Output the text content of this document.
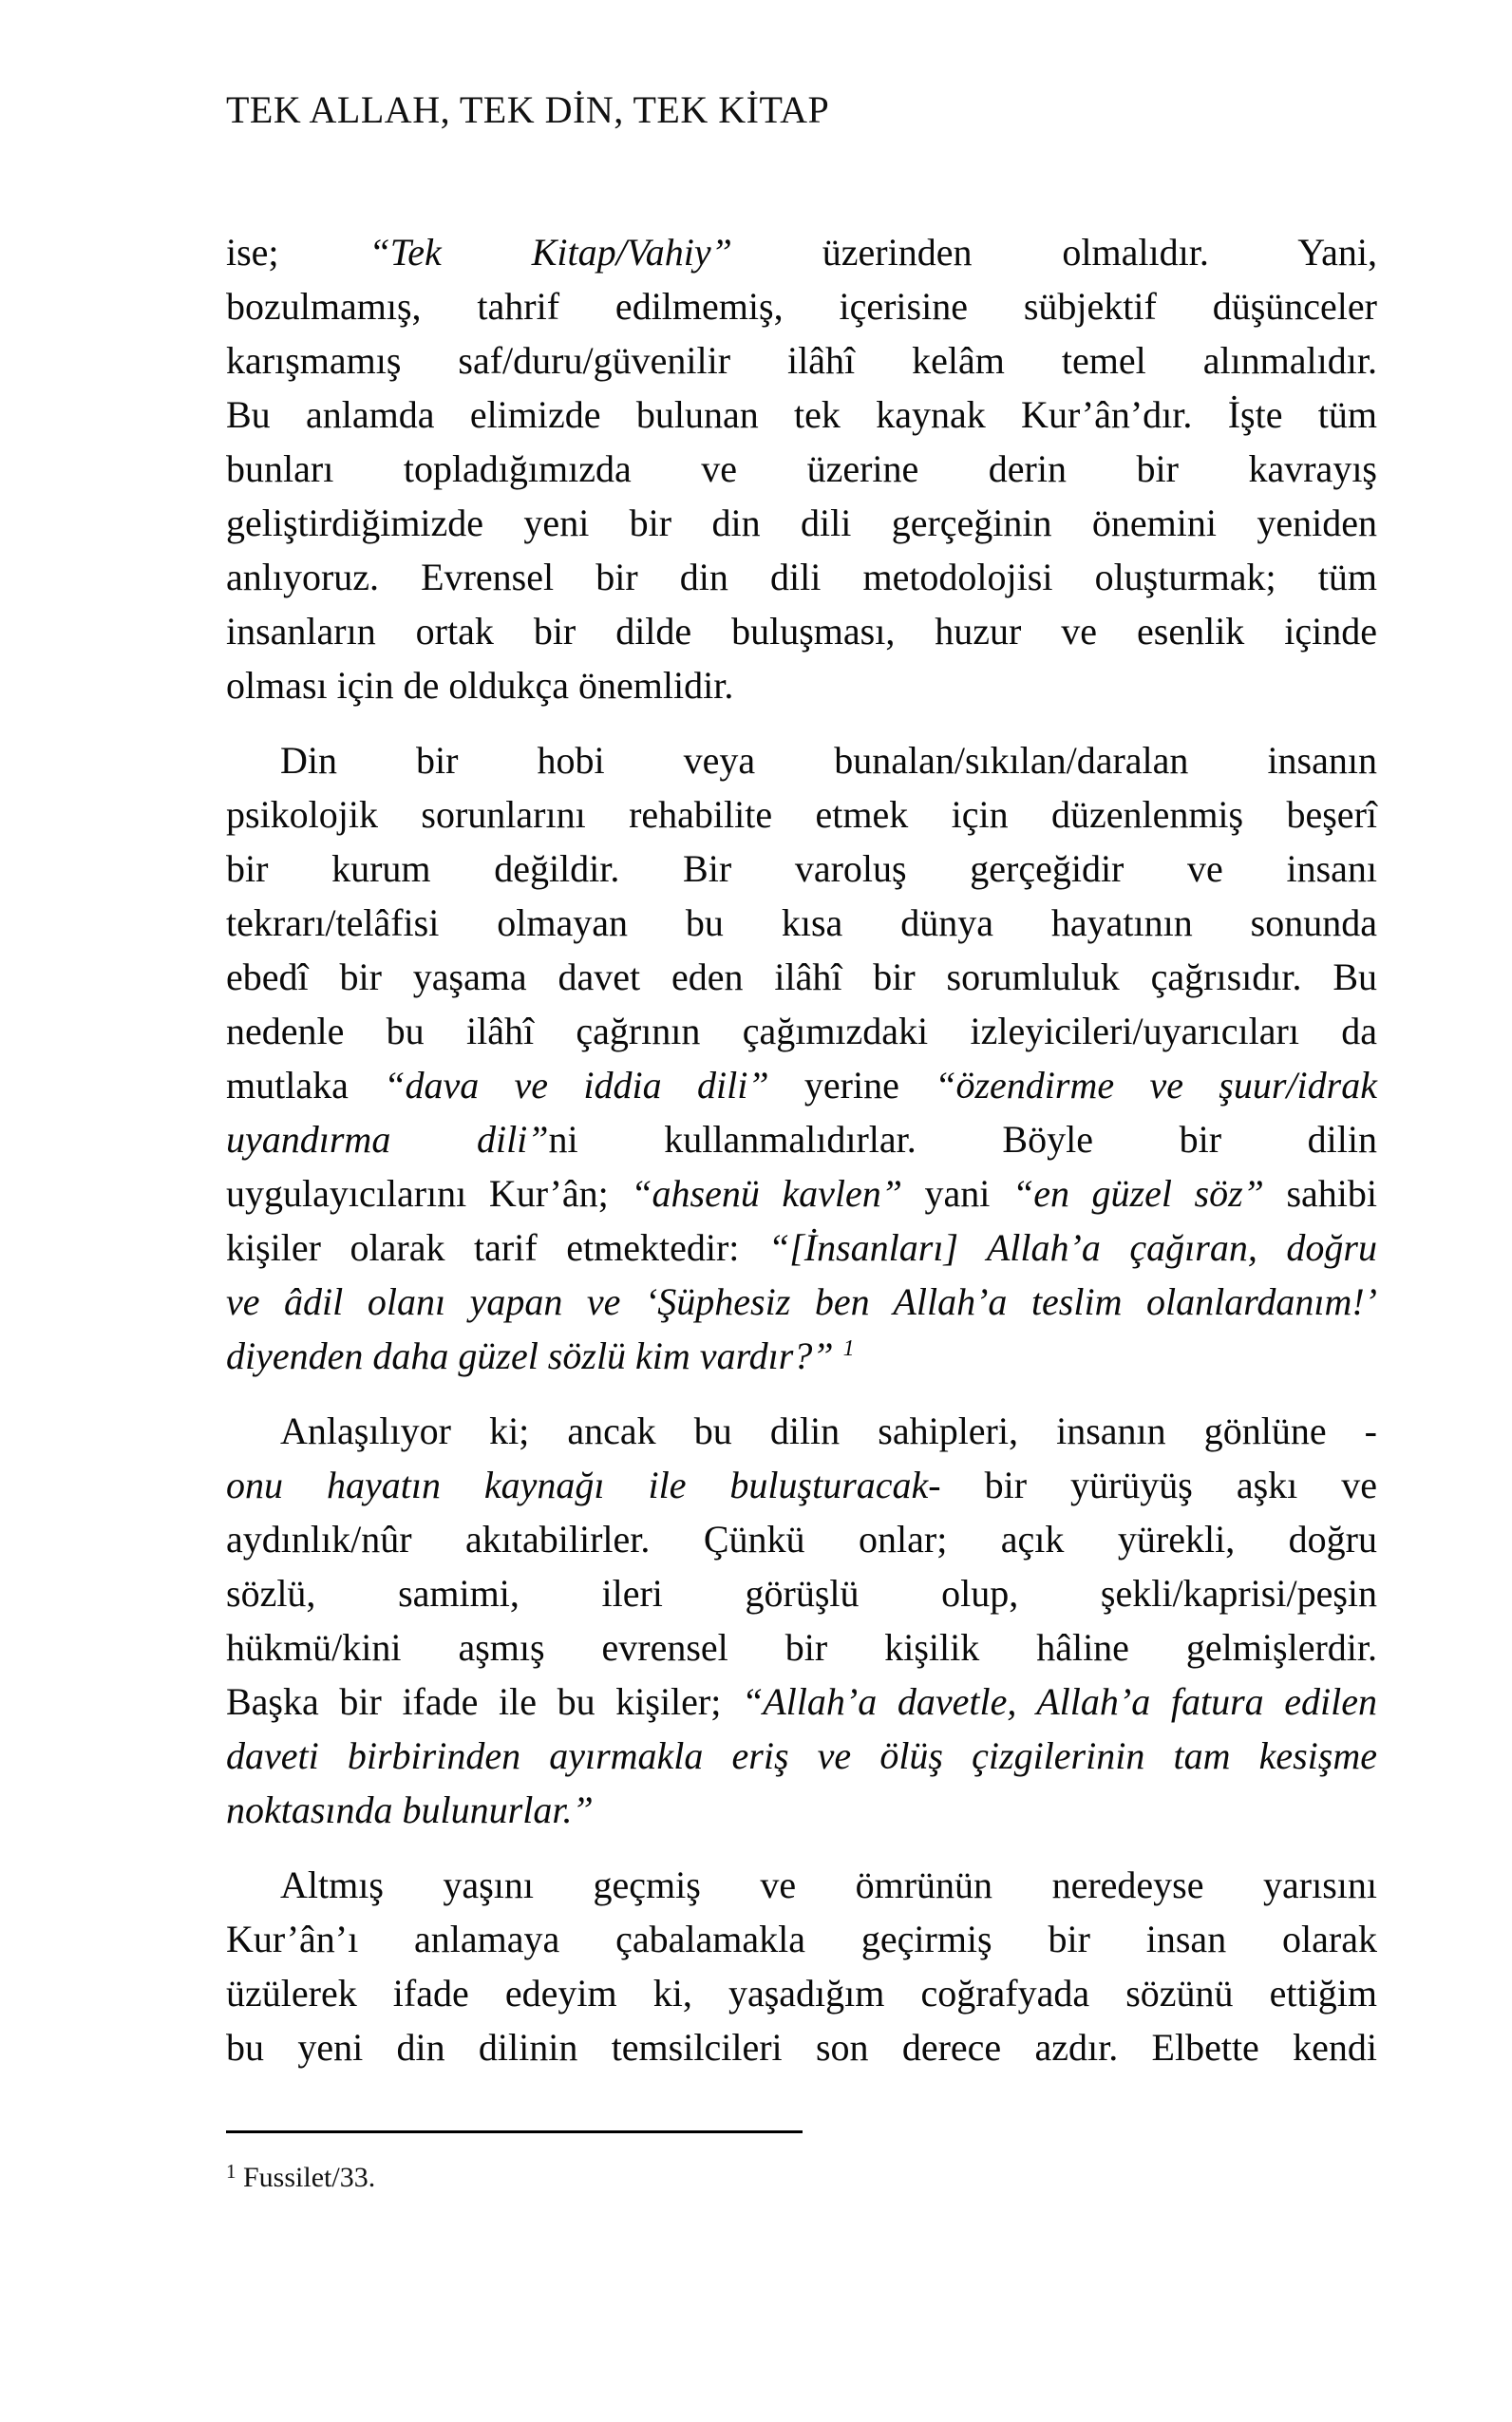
TEK ALLAH, TEK DİN, TEK KİTAP
ise; “Tek Kitap/Vahiy” üzerinden olmalıdır. Yani,
bozulmamış, tahrif edilmemiş, içerisine sübjektif düşünceler
karışmamış saf/duru/güvenilir ilâhî kelâm temel alınmalıdır.
Bu anlamda elimizde bulunan tek kaynak Kur’ân’dır. İşte tüm
bunları topladığımızda ve üzerine derin bir kavrayış
geliştirdiğimizde yeni bir din dili gerçeğinin önemini yeniden
anlıyoruz. Evrensel bir din dili metodolojisi oluşturmak; tüm
insanların ortak bir dilde buluşması, huzur ve esenlik içinde
olması için de oldukça önemlidir.
Din bir hobi veya bunalan/sıkılan/daralan insanın
psikolojik sorunlarını rehabilite etmek için düzenlenmiş beşerî
bir kurum değildir. Bir varoluş gerçeğidir ve insanı
tekrarı/telâfisi olmayan bu kısa dünya hayatının sonunda
ebedî bir yaşama davet eden ilâhî bir sorumluluk çağrısıdır. Bu
nedenle bu ilâhî çağrının çağımızdaki izleyicileri/uyarıcıları da
mutlaka “dava ve iddia dili” yerine “özendirme ve şuur/idrak
uyandırma dili”ni kullanmalıdırlar. Böyle bir dilin
uygulayıcılarını Kur’ân; “ahsenü kavlen” yani “en güzel söz” sahibi
kişiler olarak tarif etmektedir: “[İnsanları] Allah’a çağıran, doğru
ve âdil olanı yapan ve ‘Şüphesiz ben Allah’a teslim olanlardanım!’
diyenden daha güzel sözlü kim vardır?” $^1$
Anlaşılıyor ki; ancak bu dilin sahipleri, insanın gönlüne -
onu hayatın kaynağı ile buluşturacak- bir yürüyüş aşkı ve
aydınlık/nûr akıtabilirler. Çünkü onlar; açık yürekli, doğru
sözlü, samimi, ileri görüşlü olup, şekli/kaprisi/peşin
hükmü/kini aşmış evrensel bir kişilik hâline gelmişlerdir.
Başka bir ifade ile bu kişiler; “Allah’a davetle, Allah’a fatura edilen
daveti birbirinden ayırmakla eriş ve ölüş çizgilerinin tam kesişme
noktasında bulunurlar.”
Altmış yaşını geçmiş ve ömrünün neredeyse yarısını
Kur’ân’ı anlamaya çabalamakla geçirmiş bir insan olarak
üzülerek ifade edeyim ki, yaşadığım coğrafyada sözünü ettiğim
bu yeni din dilinin temsilcileri son derece azdır. Elbette kendi
$^1$ Fussilet/33.
